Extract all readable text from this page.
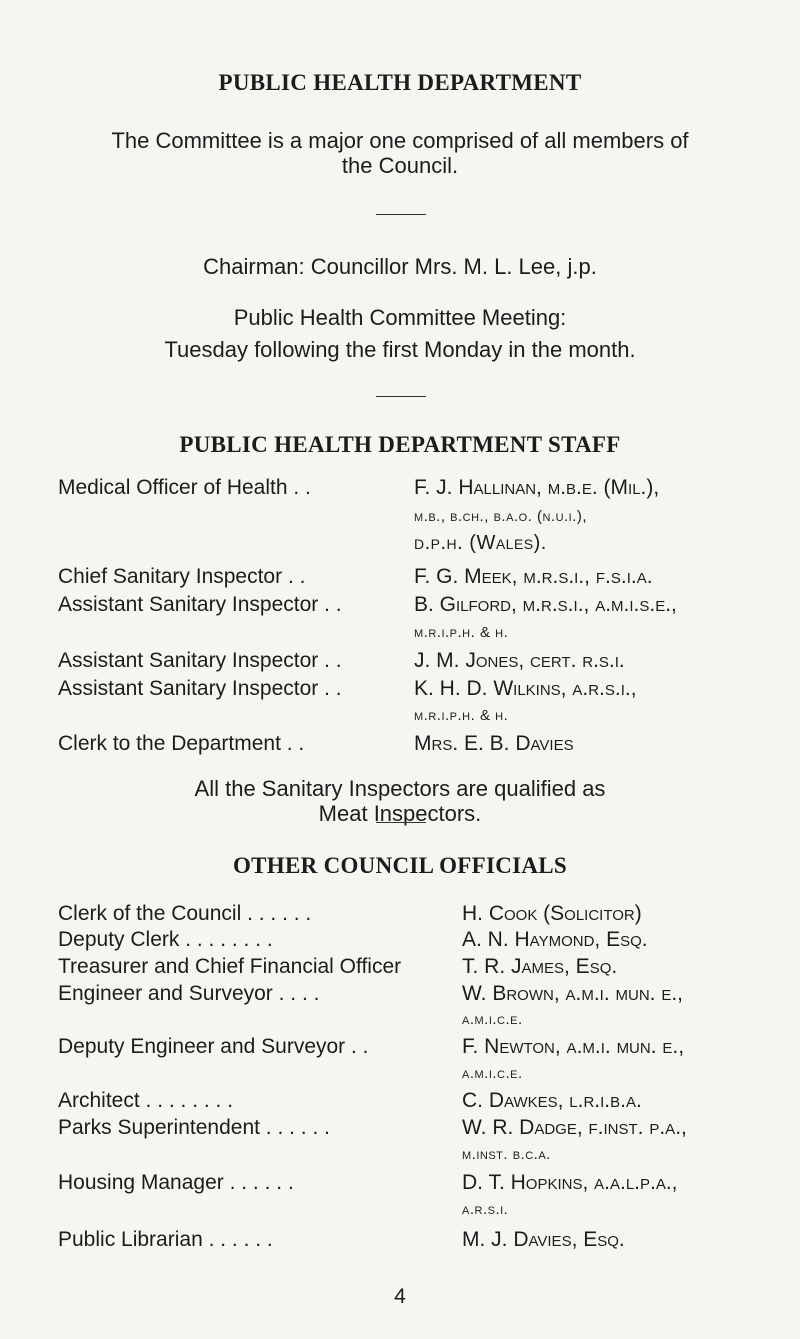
PUBLIC HEALTH DEPARTMENT
The Committee is a major one comprised of all members of
the Council.
Chairman: Councillor Mrs. M. L. Lee, j.p.
Public Health Committee Meeting:
Tuesday following the first Monday in the month.
PUBLIC HEALTH DEPARTMENT STAFF
Medical Officer of Health . .	F. J. Hallinan, m.b.e. (Mil.),
m.b., b.ch., b.a.o. (n.u.i.),
d.p.h. (Wales).
Chief Sanitary Inspector . .	F. G. Meek, m.r.s.i., f.s.i.a.
Assistant Sanitary Inspector . .	B. Gilford, m.r.s.i., a.m.i.s.e.,
m.r.i.p.h. & h.
Assistant Sanitary Inspector . .	J. M. Jones, cert. r.s.i.
Assistant Sanitary Inspector . .	K. H. D. Wilkins, a.r.s.i.,
m.r.i.p.h. & h.
Clerk to the Department . .	Mrs. E. B. Davies
All the Sanitary Inspectors are qualified as
Meat Inspectors.
OTHER COUNCIL OFFICIALS
Clerk of the Council . . . . . .	H. Cook (Solicitor)
Deputy Clerk . . . . . . . .	A. N. Haymond, Esq.
Treasurer and Chief Financial Officer	T. R. James, Esq.
Engineer and Surveyor . . . .	W. Brown, a.m.i. mun. e.,
a.m.i.c.e.
Deputy Engineer and Surveyor . .	F. Newton, a.m.i. mun. e.,
a.m.i.c.e.
Architect . . . . . . . .	C. Dawkes, l.r.i.b.a.
Parks Superintendent . . . . . .	W. R. Dadge, f.inst. p.a.,
m.inst. b.c.a.
Housing Manager . . . . . .	D. T. Hopkins, a.a.l.p.a.,
a.r.s.i.
Public Librarian . . . . . .	M. J. Davies, Esq.
4
